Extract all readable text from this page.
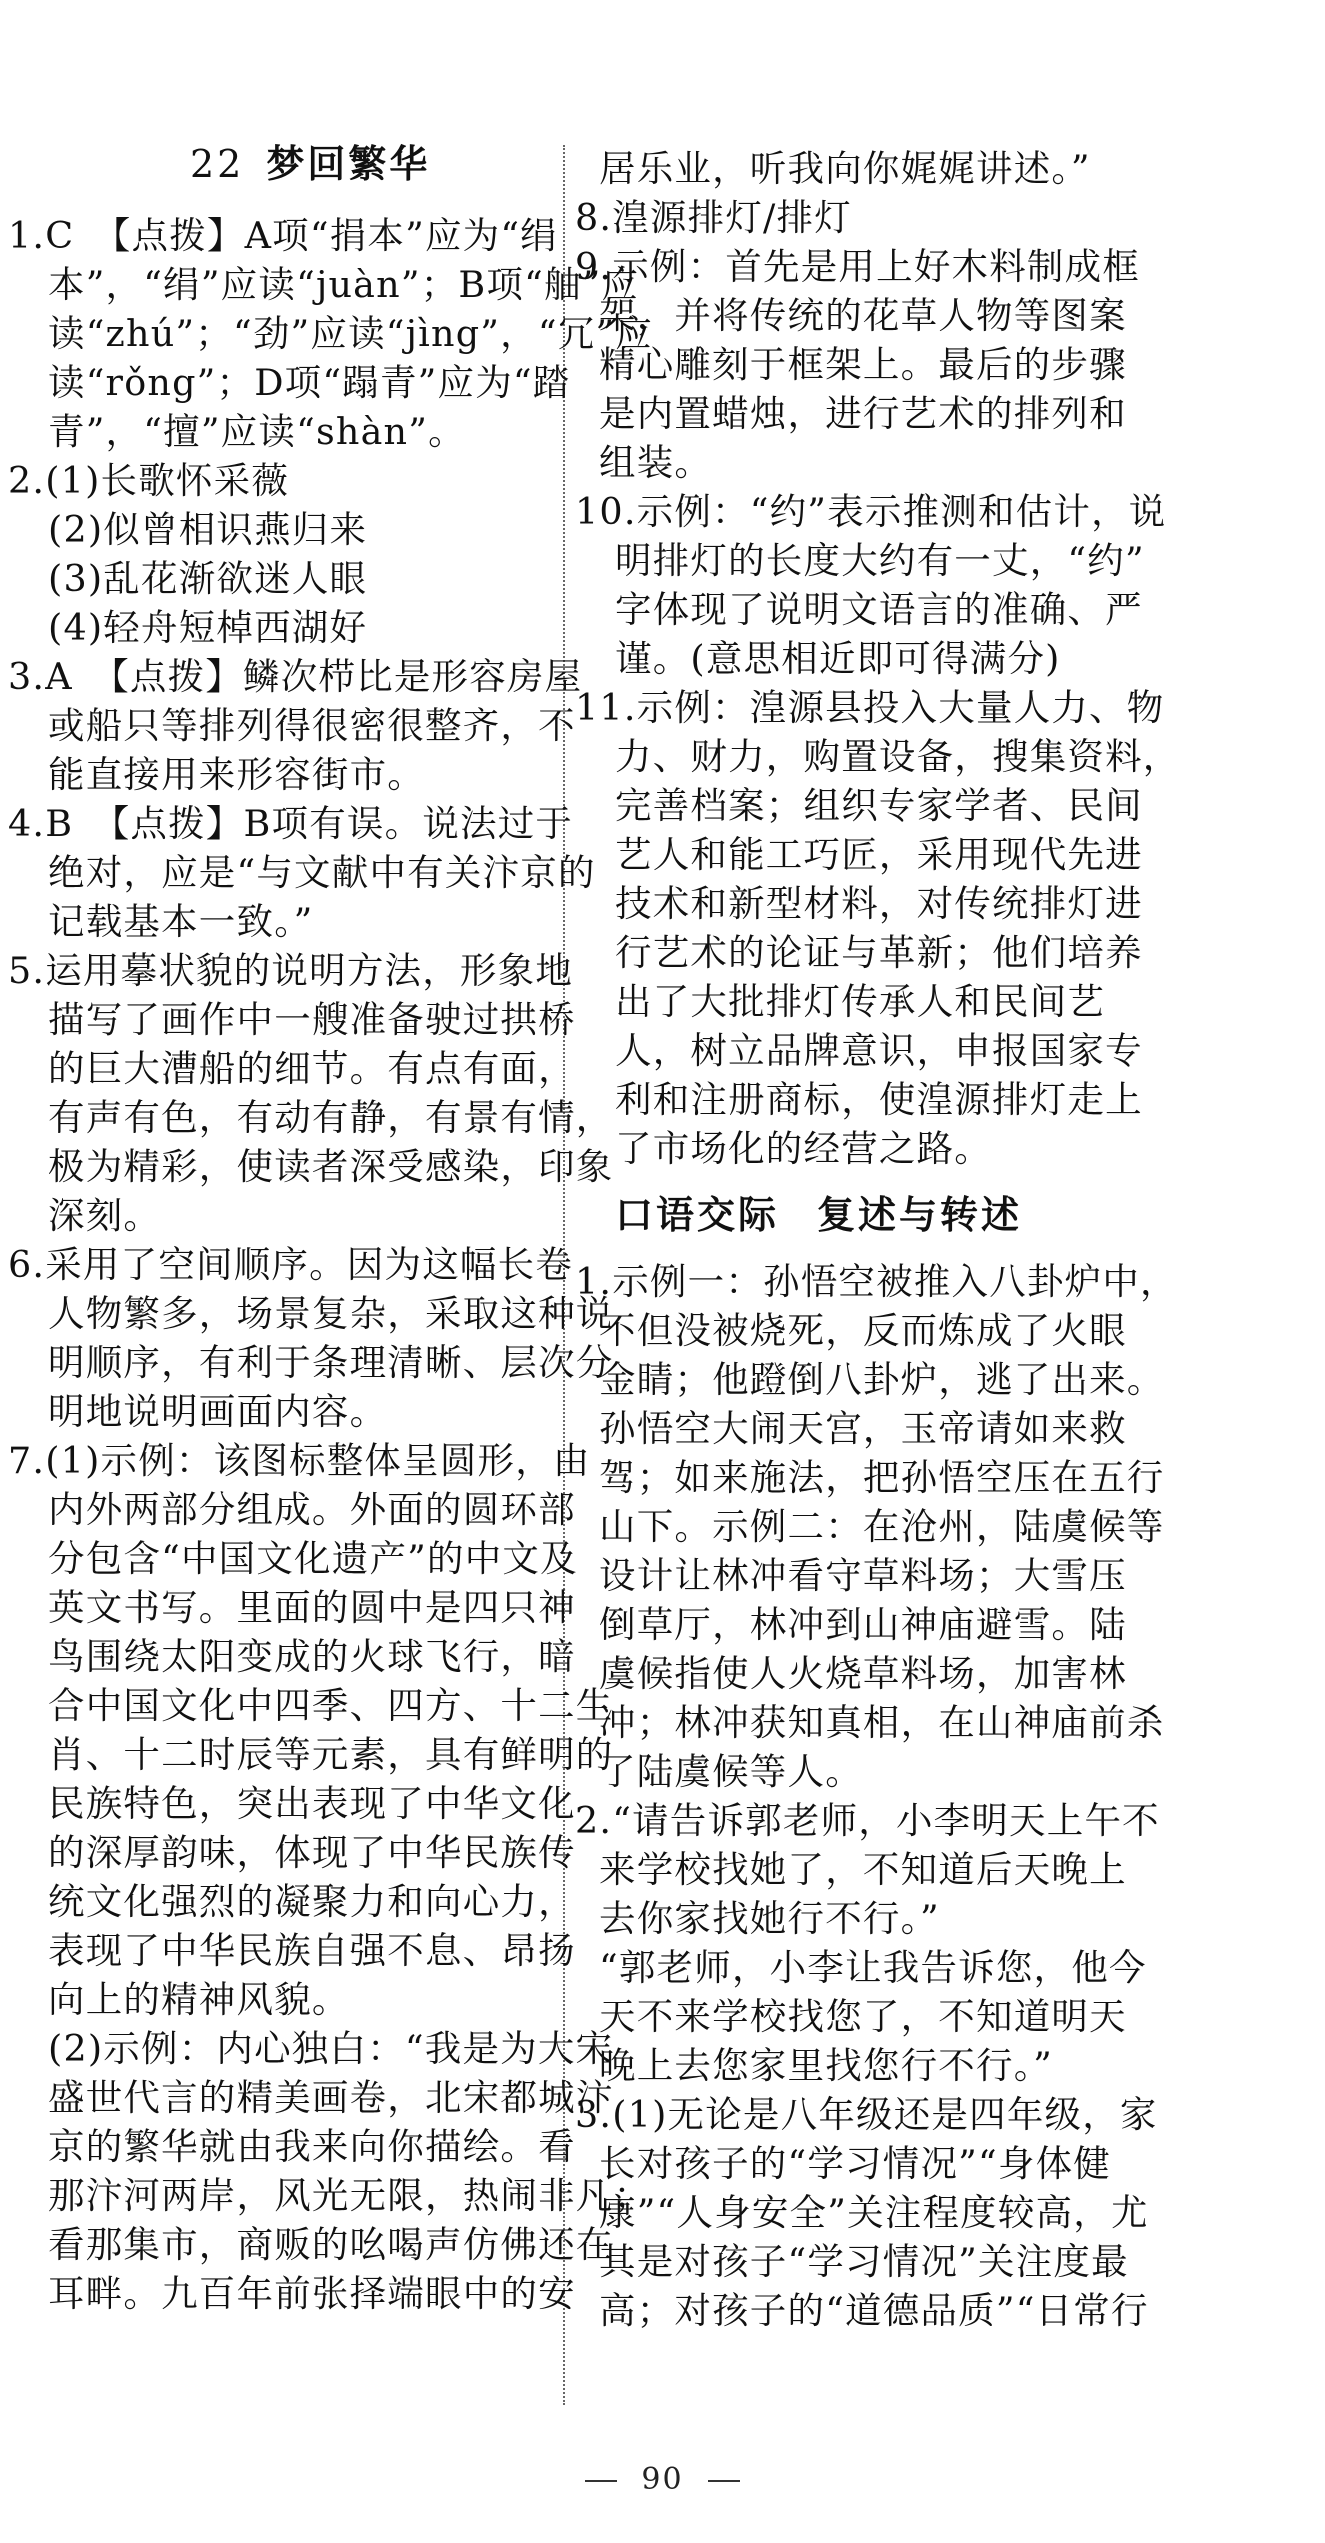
22 梦回繁华
1.C　【点拨】A项“捐本”应为“绢
本”，“绢”应读“juàn”；B项“舳”应
读“zhú”；“劲”应读“jìng”，“冗”应
读“rǒng”；D项“蹋青”应为“踏
青”，“擅”应读“shàn”。
2.(1)长歌怀采薇
(2)似曾相识燕归来
(3)乱花渐欲迷人眼
(4)轻舟短棹西湖好
3.A　【点拨】鳞次栉比是形容房屋
或船只等排列得很密很整齐，不
能直接用来形容街市。
4.B　【点拨】B项有误。说法过于
绝对，应是“与文献中有关汴京的
记载基本一致。”
5.运用摹状貌的说明方法，形象地
描写了画作中一艘准备驶过拱桥
的巨大漕船的细节。有点有面，
有声有色，有动有静，有景有情，
极为精彩，使读者深受感染，印象
深刻。
6.采用了空间顺序。因为这幅长卷
人物繁多，场景复杂，采取这种说
明顺序，有利于条理清晰、层次分
明地说明画面内容。
7.(1)示例：该图标整体呈圆形，由
内外两部分组成。外面的圆环部
分包含“中国文化遗产”的中文及
英文书写。里面的圆中是四只神
鸟围绕太阳变成的火球飞行，暗
合中国文化中四季、四方、十二生
肖、十二时辰等元素，具有鲜明的
民族特色，突出表现了中华文化
的深厚韵味，体现了中华民族传
统文化强烈的凝聚力和向心力，
表现了中华民族自强不息、昂扬
向上的精神风貌。
(2)示例：内心独白：“我是为大宋
盛世代言的精美画卷，北宋都城汴
京的繁华就由我来向你描绘。看
那汴河两岸，风光无限，热闹非凡；
看那集市，商贩的吆喝声仿佛还在
耳畔。九百年前张择端眼中的安
居乐业，听我向你娓娓讲述。”
8.湟源排灯/排灯
9.示例：首先是用上好木料制成框
架，并将传统的花草人物等图案
精心雕刻于框架上。最后的步骤
是内置蜡烛，进行艺术的排列和
组装。
10.示例：“约”表示推测和估计，说
明排灯的长度大约有一丈，“约”
字体现了说明文语言的准确、严
谨。(意思相近即可得满分)
11.示例：湟源县投入大量人力、物
力、财力，购置设备，搜集资料，
完善档案；组织专家学者、民间
艺人和能工巧匠，采用现代先进
技术和新型材料，对传统排灯进
行艺术的论证与革新；他们培养
出了大批排灯传承人和民间艺
人，树立品牌意识，申报国家专
利和注册商标，使湟源排灯走上
了市场化的经营之路。
口语交际 复述与转述
1.示例一：孙悟空被推入八卦炉中，
不但没被烧死，反而炼成了火眼
金睛；他蹬倒八卦炉，逃了出来。
孙悟空大闹天宫，玉帝请如来救
驾；如来施法，把孙悟空压在五行
山下。示例二：在沧州，陆虞候等
设计让林冲看守草料场；大雪压
倒草厅，林冲到山神庙避雪。陆
虞候指使人火烧草料场，加害林
冲；林冲获知真相，在山神庙前杀
了陆虞候等人。
2.“请告诉郭老师，小李明天上午不
来学校找她了，不知道后天晚上
去你家找她行不行。”
“郭老师，小李让我告诉您，他今
天不来学校找您了，不知道明天
晚上去您家里找您行不行。”
3.(1)无论是八年级还是四年级，家
长对孩子的“学习情况”“身体健
康”“人身安全”关注程度较高，尤
其是对孩子“学习情况”关注度最
高；对孩子的“道德品质”“日常行
90
